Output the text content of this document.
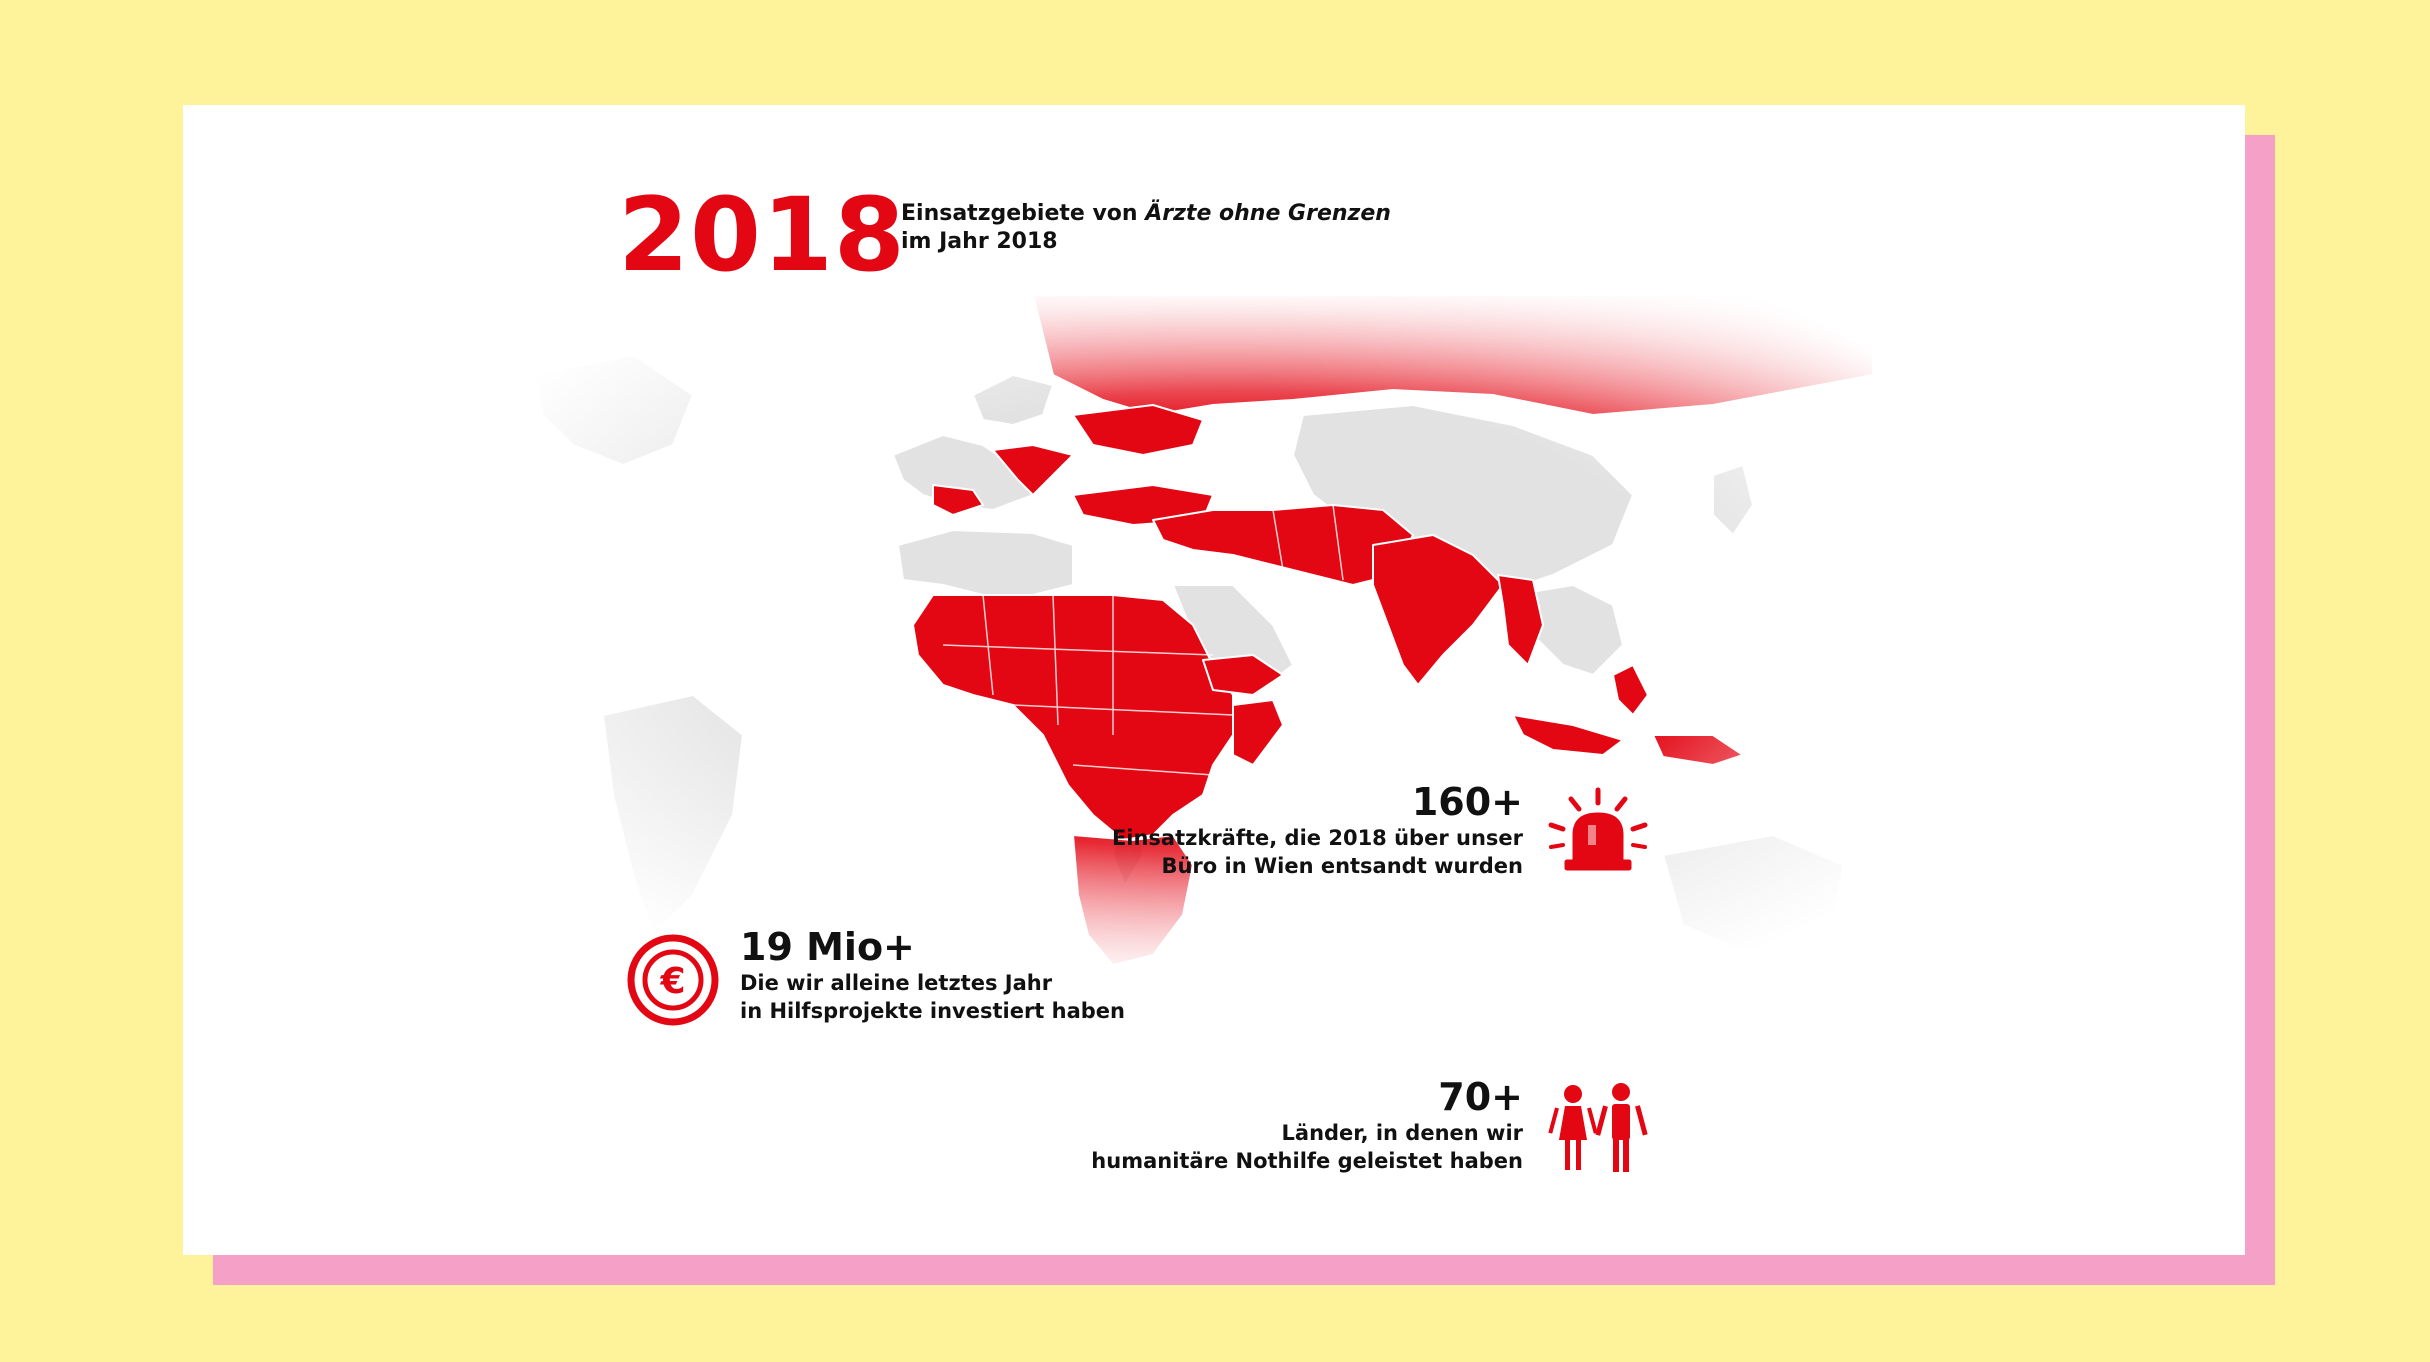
2018
Einsatzgebiete von Ärzte ohne Grenzen
im Jahr 2018
160+
Einsatzkräfte, die 2018 über unser
Büro in Wien entsandt wurden
€
19 Mio+
Die wir alleine letztes Jahr
in Hilfsprojekte investiert haben
70+
Länder, in denen wir
humanitäre Nothilfe geleistet haben
